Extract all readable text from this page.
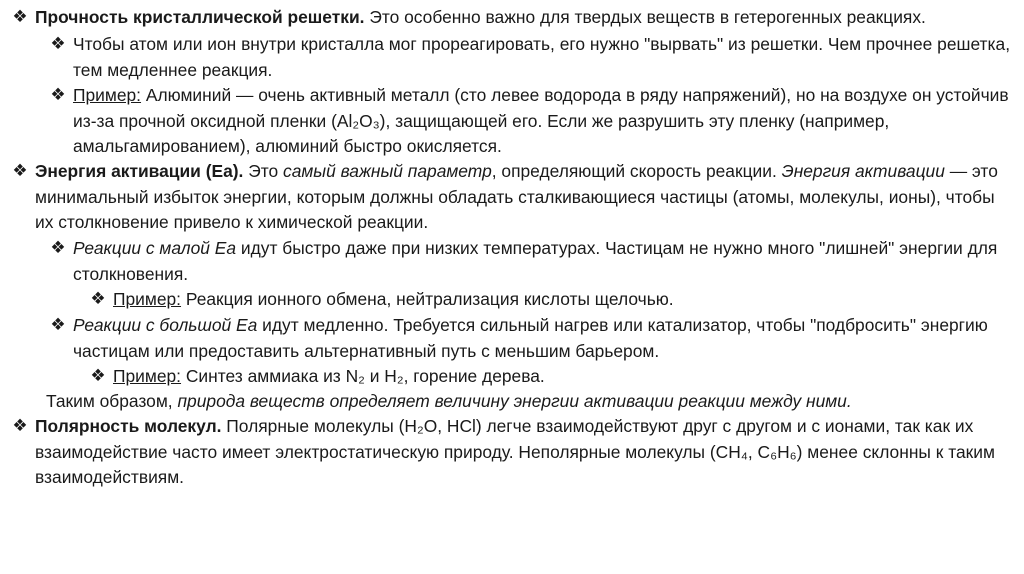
❖ Прочность кристаллической решетки. Это особенно важно для твердых веществ в гетерогенных реакциях.
❖ Чтобы атом или ион внутри кристалла мог прореагировать, его нужно "вырвать" из решетки. Чем прочнее решетка, тем медленнее реакция.
❖ Пример: Алюминий — очень активный металл (сто левее водорода в ряду напряжений), но на воздухе он устойчив из-за прочной оксидной пленки (Al₂O₃), защищающей его. Если же разрушить эту пленку (например, амальгамированием), алюминий быстро окисляется.
❖ Энергия активации (Ea). Это самый важный параметр, определяющий скорость реакции. Энергия активации — это минимальный избыток энергии, которым должны обладать сталкивающиеся частицы (атомы, молекулы, ионы), чтобы их столкновение привело к химической реакции.
❖ Реакции с малой Ea идут быстро даже при низких температурах. Частицам не нужно много "лишней" энергии для столкновения.
❖ Пример: Реакция ионного обмена, нейтрализация кислоты щелочью.
❖ Реакции с большой Ea идут медленно. Требуется сильный нагрев или катализатор, чтобы "подбросить" энергию частицам или предоставить альтернативный путь с меньшим барьером.
❖ Пример: Синтез аммиака из N₂ и H₂, горение дерева.
Таким образом, природа веществ определяет величину энергии активации реакции между ними.
❖ Полярность молекул. Полярные молекулы (H₂O, HCl) легче взаимодействуют друг с другом и с ионами, так как их взаимодействие часто имеет электростатическую природу. Неполярные молекулы (CH₄, C₆H₆) менее склонны к таким взаимодействиям.
